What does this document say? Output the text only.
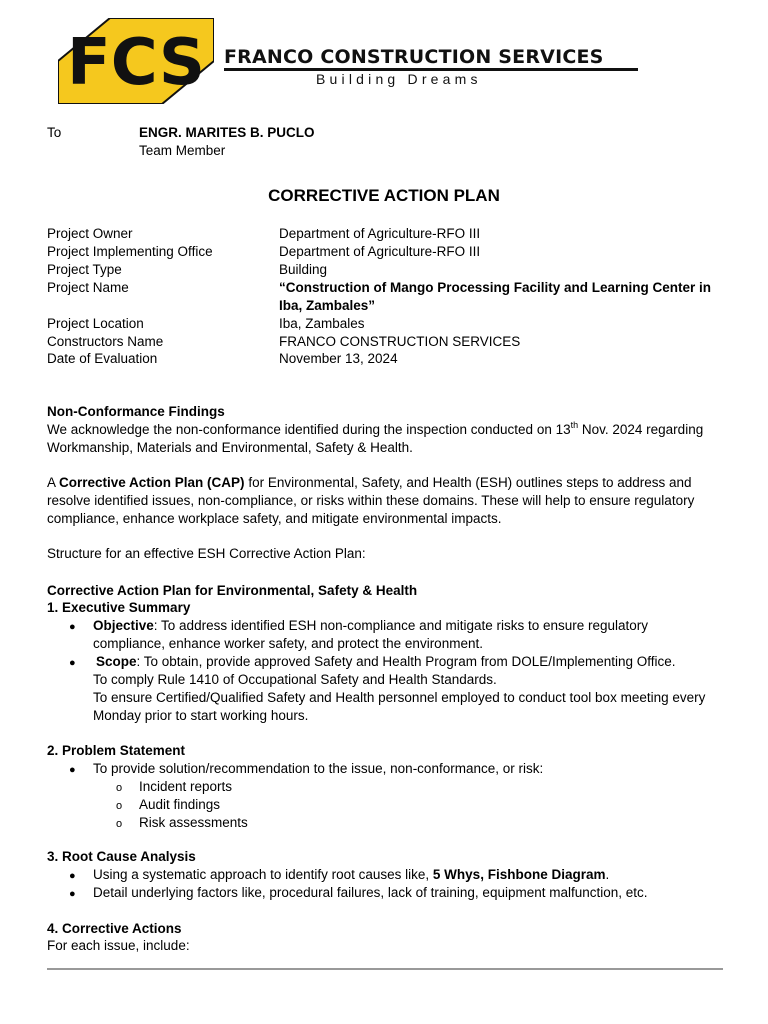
FCS FRANCO CONSTRUCTION SERVICES
Building Dreams
To	ENGR. MARITES B. PUCLO
Team Member
CORRECTIVE ACTION PLAN
Project Owner	Department of Agriculture-RFO III
Project Implementing Office	Department of Agriculture-RFO III
Project Type	Building
Project Name	“Construction of Mango Processing Facility and Learning Center in
Iba, Zambales”
Project Location	Iba, Zambales
Constructors Name	FRANCO CONSTRUCTION SERVICES
Date of Evaluation	November 13, 2024
Non-Conformance Findings
We acknowledge the non-conformance identified during the inspection conducted on 13th Nov. 2024 regarding Workmanship, Materials and Environmental, Safety & Health.
A Corrective Action Plan (CAP) for Environmental, Safety, and Health (ESH) outlines steps to address and resolve identified issues, non-compliance, or risks within these domains. These will help to ensure regulatory compliance, enhance workplace safety, and mitigate environmental impacts.
Structure for an effective ESH Corrective Action Plan:
Corrective Action Plan for Environmental, Safety & Health
1. Executive Summary
● Objective: To address identified ESH non-compliance and mitigate risks to ensure regulatory compliance, enhance worker safety, and protect the environment.
● Scope: To obtain, provide approved Safety and Health Program from DOLE/Implementing Office.
To comply Rule 1410 of Occupational Safety and Health Standards.
To ensure Certified/Qualified Safety and Health personnel employed to conduct tool box meeting every Monday prior to start working hours.
2. Problem Statement
● To provide solution/recommendation to the issue, non-conformance, or risk:
o Incident reports
o Audit findings
o Risk assessments
3. Root Cause Analysis
● Using a systematic approach to identify root causes like, 5 Whys, Fishbone Diagram.
● Detail underlying factors like, procedural failures, lack of training, equipment malfunction, etc.
4. Corrective Actions
For each issue, include:
